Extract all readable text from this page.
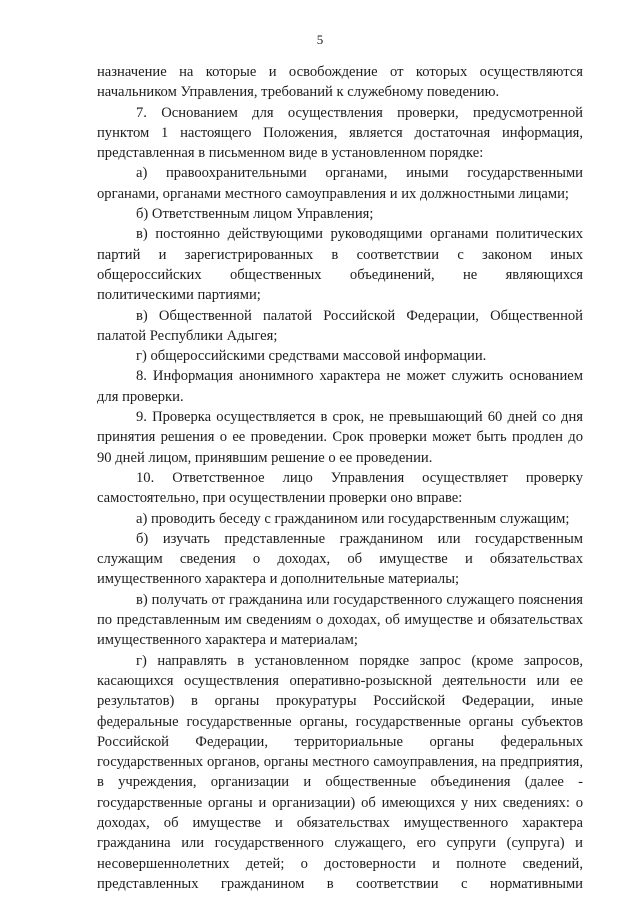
5

назначение на которые и освобождение от которых осуществляются начальником Управления, требований к служебному поведению.

7. Основанием для осуществления проверки, предусмотренной пунктом 1 настоящего Положения, является достаточная информация, представленная в письменном виде в установленном порядке:

а) правоохранительными органами, иными государственными органами, органами местного самоуправления и их должностными лицами;

б) Ответственным лицом Управления;

в) постоянно действующими руководящими органами политических партий и зарегистрированных в соответствии с законом иных общероссийских общественных объединений, не являющихся политическими партиями;

в) Общественной палатой Российской Федерации, Общественной палатой Республики Адыгея;

г) общероссийскими средствами массовой информации.

8. Информация анонимного характера не может служить основанием для проверки.

9. Проверка осуществляется в срок, не превышающий 60 дней со дня принятия решения о ее проведении. Срок проверки может быть продлен до 90 дней лицом, принявшим решение о ее проведении.

10. Ответственное лицо Управления осуществляет проверку самостоятельно, при осуществлении проверки оно вправе:

а) проводить беседу с гражданином или государственным служащим;

б) изучать представленные гражданином или государственным служащим сведения о доходах, об имуществе и обязательствах имущественного характера и дополнительные материалы;

в) получать от гражданина или государственного служащего пояснения по представленным им сведениям о доходах, об имуществе и обязательствах имущественного характера и материалам;

г) направлять в установленном порядке запрос (кроме запросов, касающихся осуществления оперативно-розыскной деятельности или ее результатов) в органы прокуратуры Российской Федерации, иные федеральные государственные органы, государственные органы субъектов Российской Федерации, территориальные органы федеральных государственных органов, органы местного самоуправления, на предприятия, в учреждения, организации и общественные объединения (далее - государственные органы и организации) об имеющихся у них сведениях: о доходах, об имуществе и обязательствах имущественного характера гражданина или государственного служащего, его супруги (супруга) и несовершеннолетних детей; о достоверности и полноте сведений, представленных гражданином в соответствии с нормативными
